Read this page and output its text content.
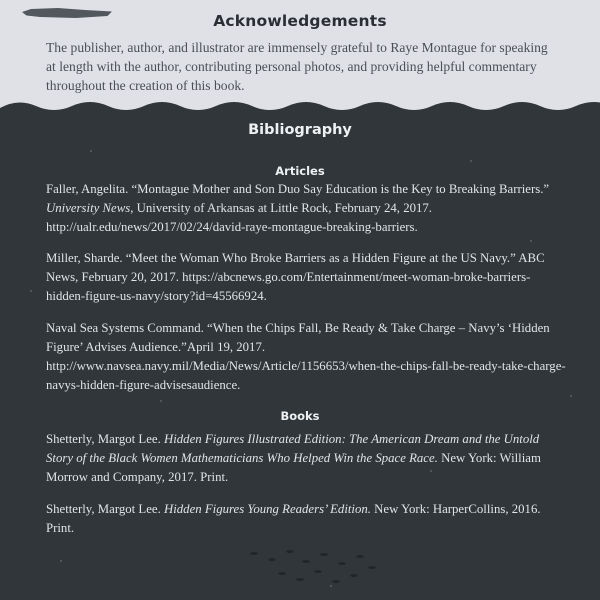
Acknowledgements
The publisher, author, and illustrator are immensely grateful to Raye Montague for speaking at length with the author, contributing personal photos, and providing helpful commentary throughout the creation of this book.
Bibliography
Articles
Faller, Angelita. “Montague Mother and Son Duo Say Education is the Key to Breaking Barriers.” University News, University of Arkansas at Little Rock, February 24, 2017. http://ualr.edu/news/2017/02/24/david-raye-montague-breaking-barriers.
Miller, Sharde. “Meet the Woman Who Broke Barriers as a Hidden Figure at the US Navy.” ABC News, February 20, 2017. https://abcnews.go.com/Entertainment/meet-woman-broke-barriers-hidden-figure-us-navy/story?id=45566924.
Naval Sea Systems Command. “When the Chips Fall, Be Ready & Take Charge – Navy’s ‘Hidden Figure’ Advises Audience.”April 19, 2017. http://www.navsea.navy.mil/Media/News/Article/1156653/when-the-chips-fall-be-ready-take-charge-navys-hidden-figure-advisesaudience.
Books
Shetterly, Margot Lee. Hidden Figures Illustrated Edition: The American Dream and the Untold Story of the Black Women Mathematicians Who Helped Win the Space Race. New York: William Morrow and Company, 2017. Print.
Shetterly, Margot Lee. Hidden Figures Young Readers’ Edition. New York: HarperCollins, 2016. Print.
